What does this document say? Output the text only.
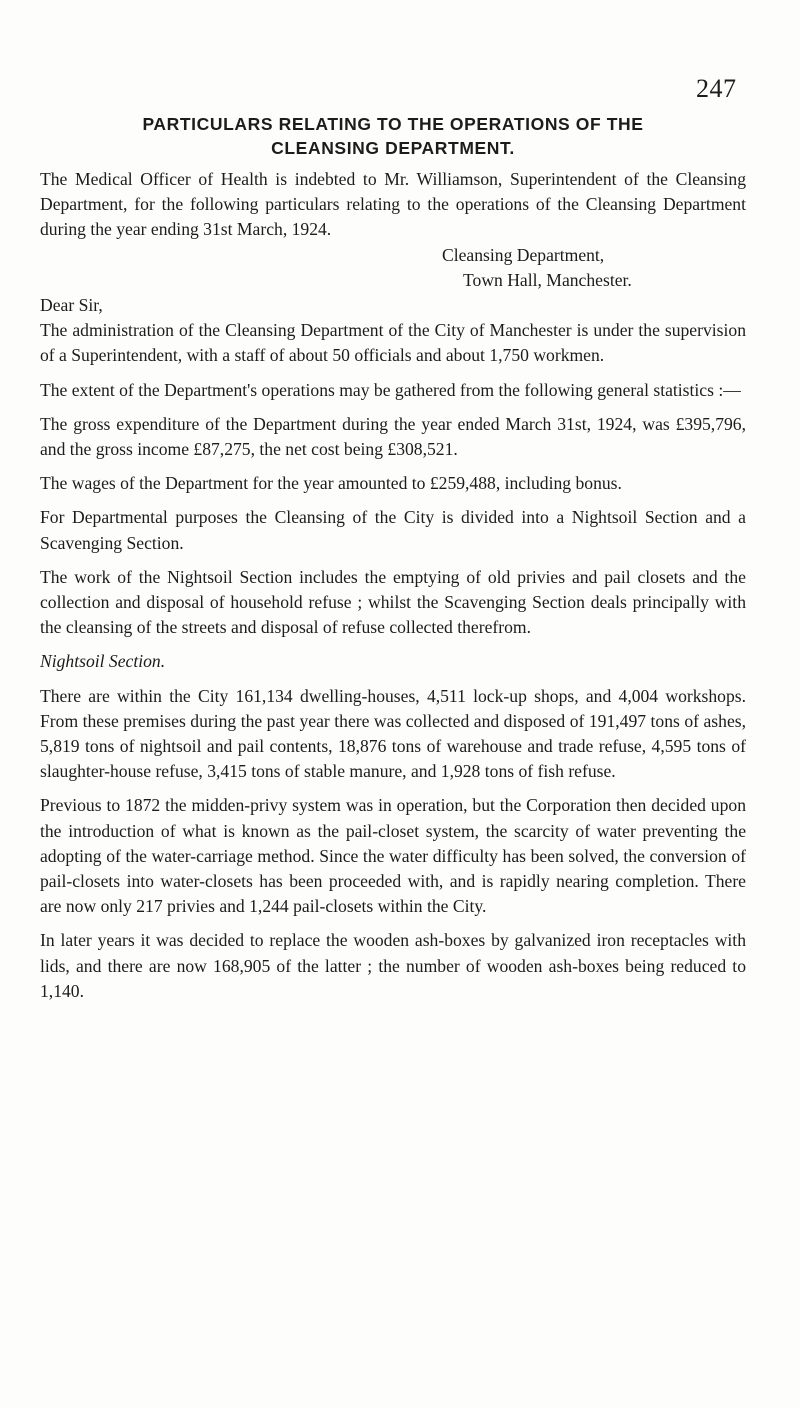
247
PARTICULARS RELATING TO THE OPERATIONS OF THE
CLEANSING DEPARTMENT.

The Medical Officer of Health is indebted to Mr. Williamson, Superintendent of the Cleansing Department, for the following particulars relating to the operations of the Cleansing Department during the year ending 31st March, 1924.

Cleansing Department,
Town Hall, Manchester.

Dear Sir,

The administration of the Cleansing Department of the City of Manchester is under the supervision of a Superintendent, with a staff of about 50 officials and about 1,750 workmen.

The extent of the Department's operations may be gathered from the following general statistics :—

The gross expenditure of the Department during the year ended March 31st, 1924, was £395,796, and the gross income £87,275, the net cost being £308,521.

The wages of the Department for the year amounted to £259,488, including bonus.

For Departmental purposes the Cleansing of the City is divided into a Nightsoil Section and a Scavenging Section.

The work of the Nightsoil Section includes the emptying of old privies and pail closets and the collection and disposal of household refuse ; whilst the Scavenging Section deals principally with the cleansing of the streets and disposal of refuse collected therefrom.

Nightsoil Section.

There are within the City 161,134 dwelling-houses, 4,511 lock-up shops, and 4,004 workshops. From these premises during the past year there was collected and disposed of 191,497 tons of ashes, 5,819 tons of nightsoil and pail contents, 18,876 tons of warehouse and trade refuse, 4,595 tons of slaughter-house refuse, 3,415 tons of stable manure, and 1,928 tons of fish refuse.

Previous to 1872 the midden-privy system was in operation, but the Corporation then decided upon the introduction of what is known as the pail-closet system, the scarcity of water preventing the adopting of the water-carriage method. Since the water difficulty has been solved, the conversion of pail-closets into water-closets has been proceeded with, and is rapidly nearing completion. There are now only 217 privies and 1,244 pail-closets within the City.

In later years it was decided to replace the wooden ash-boxes by galvanized iron receptacles with lids, and there are now 168,905 of the latter ; the number of wooden ash-boxes being reduced to 1,140.
